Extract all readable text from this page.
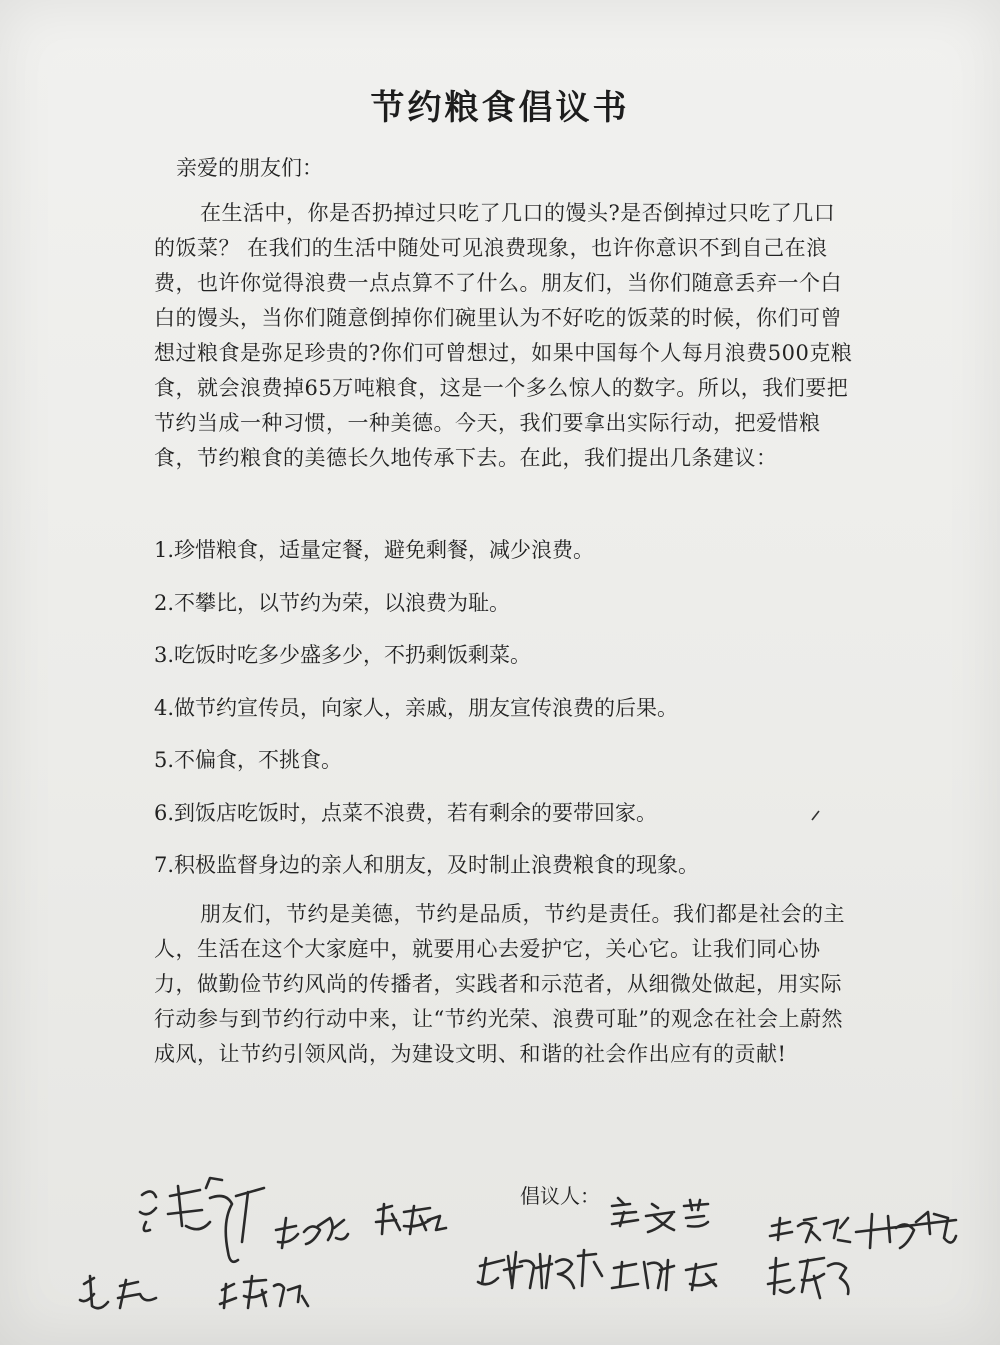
节约粮食倡议书

亲爱的朋友们：

在生活中，你是否扔掉过只吃了几口的馒头?是否倒掉过只吃了几口的饭菜？ 在我们的生活中随处可见浪费现象，也许你意识不到自己在浪费，也许你觉得浪费一点点算不了什么。朋友们，当你们随意丢弃一个白白的馒头，当你们随意倒掉你们碗里认为不好吃的饭菜的时候，你们可曾想过粮食是弥足珍贵的?你们可曾想过，如果中国每个人每月浪费500克粮食，就会浪费掉65万吨粮食，这是一个多么惊人的数字。所以，我们要把节约当成一种习惯，一种美德。今天，我们要拿出实际行动，把爱惜粮食，节约粮食的美德长久地传承下去。在此，我们提出几条建议：

1.珍惜粮食，适量定餐，避免剩餐，减少浪费。
2.不攀比，以节约为荣，以浪费为耻。
3.吃饭时吃多少盛多少，不扔剩饭剩菜。
4.做节约宣传员，向家人，亲戚，朋友宣传浪费的后果。
5.不偏食，不挑食。
6.到饭店吃饭时，点菜不浪费，若有剩余的要带回家。
7.积极监督身边的亲人和朋友，及时制止浪费粮食的现象。

朋友们，节约是美德，节约是品质，节约是责任。我们都是社会的主人，生活在这个大家庭中，就要用心去爱护它，关心它。让我们同心协力，做勤俭节约风尚的传播者，实践者和示范者，从细微处做起，用实际行动参与到节约行动中来，让“节约光荣、浪费可耻”的观念在社会上蔚然成风，让节约引领风尚，为建设文明、和谐的社会作出应有的贡献!

倡议人：
